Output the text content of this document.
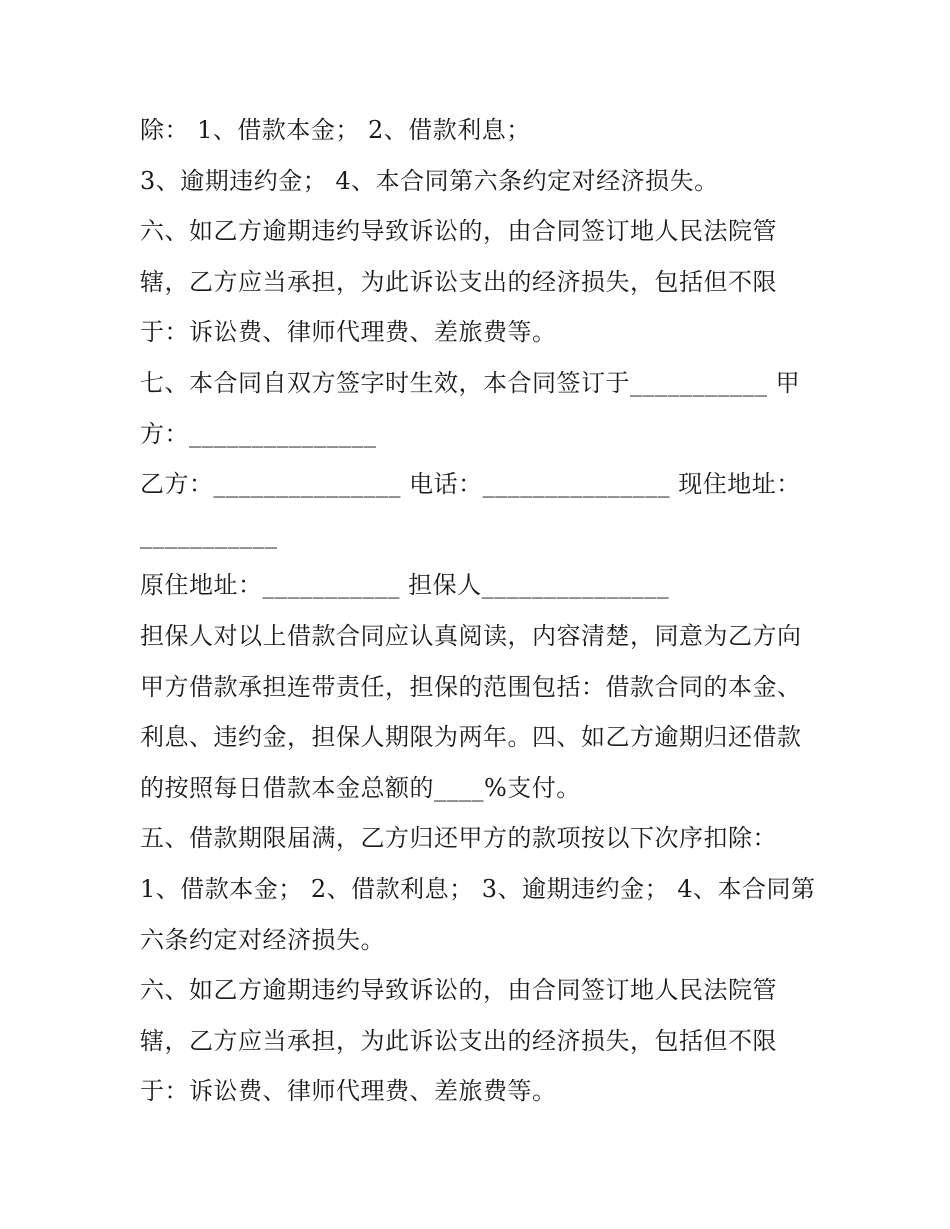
除： 1、借款本金； 2、借款利息；
3、逾期违约金； 4、本合同第六条约定对经济损失。
六、如乙方逾期违约导致诉讼的，由合同签订地人民法院管
辖，乙方应当承担，为此诉讼支出的经济损失，包括但不限
于：诉讼费、律师代理费、差旅费等。
七、本合同自双方签字时生效，本合同签订于___________ 甲
方：_______________
乙方：_______________ 电话：_______________ 现住地址：
___________
原住地址：___________ 担保人_______________
担保人对以上借款合同应认真阅读，内容清楚，同意为乙方向
甲方借款承担连带责任，担保的范围包括：借款合同的本金、
利息、违约金，担保人期限为两年。四、如乙方逾期归还借款
的按照每日借款本金总额的____%支付。
五、借款期限届满，乙方归还甲方的款项按以下次序扣除：
1、借款本金； 2、借款利息； 3、逾期违约金； 4、本合同第
六条约定对经济损失。
六、如乙方逾期违约导致诉讼的，由合同签订地人民法院管
辖，乙方应当承担，为此诉讼支出的经济损失，包括但不限
于：诉讼费、律师代理费、差旅费等。
